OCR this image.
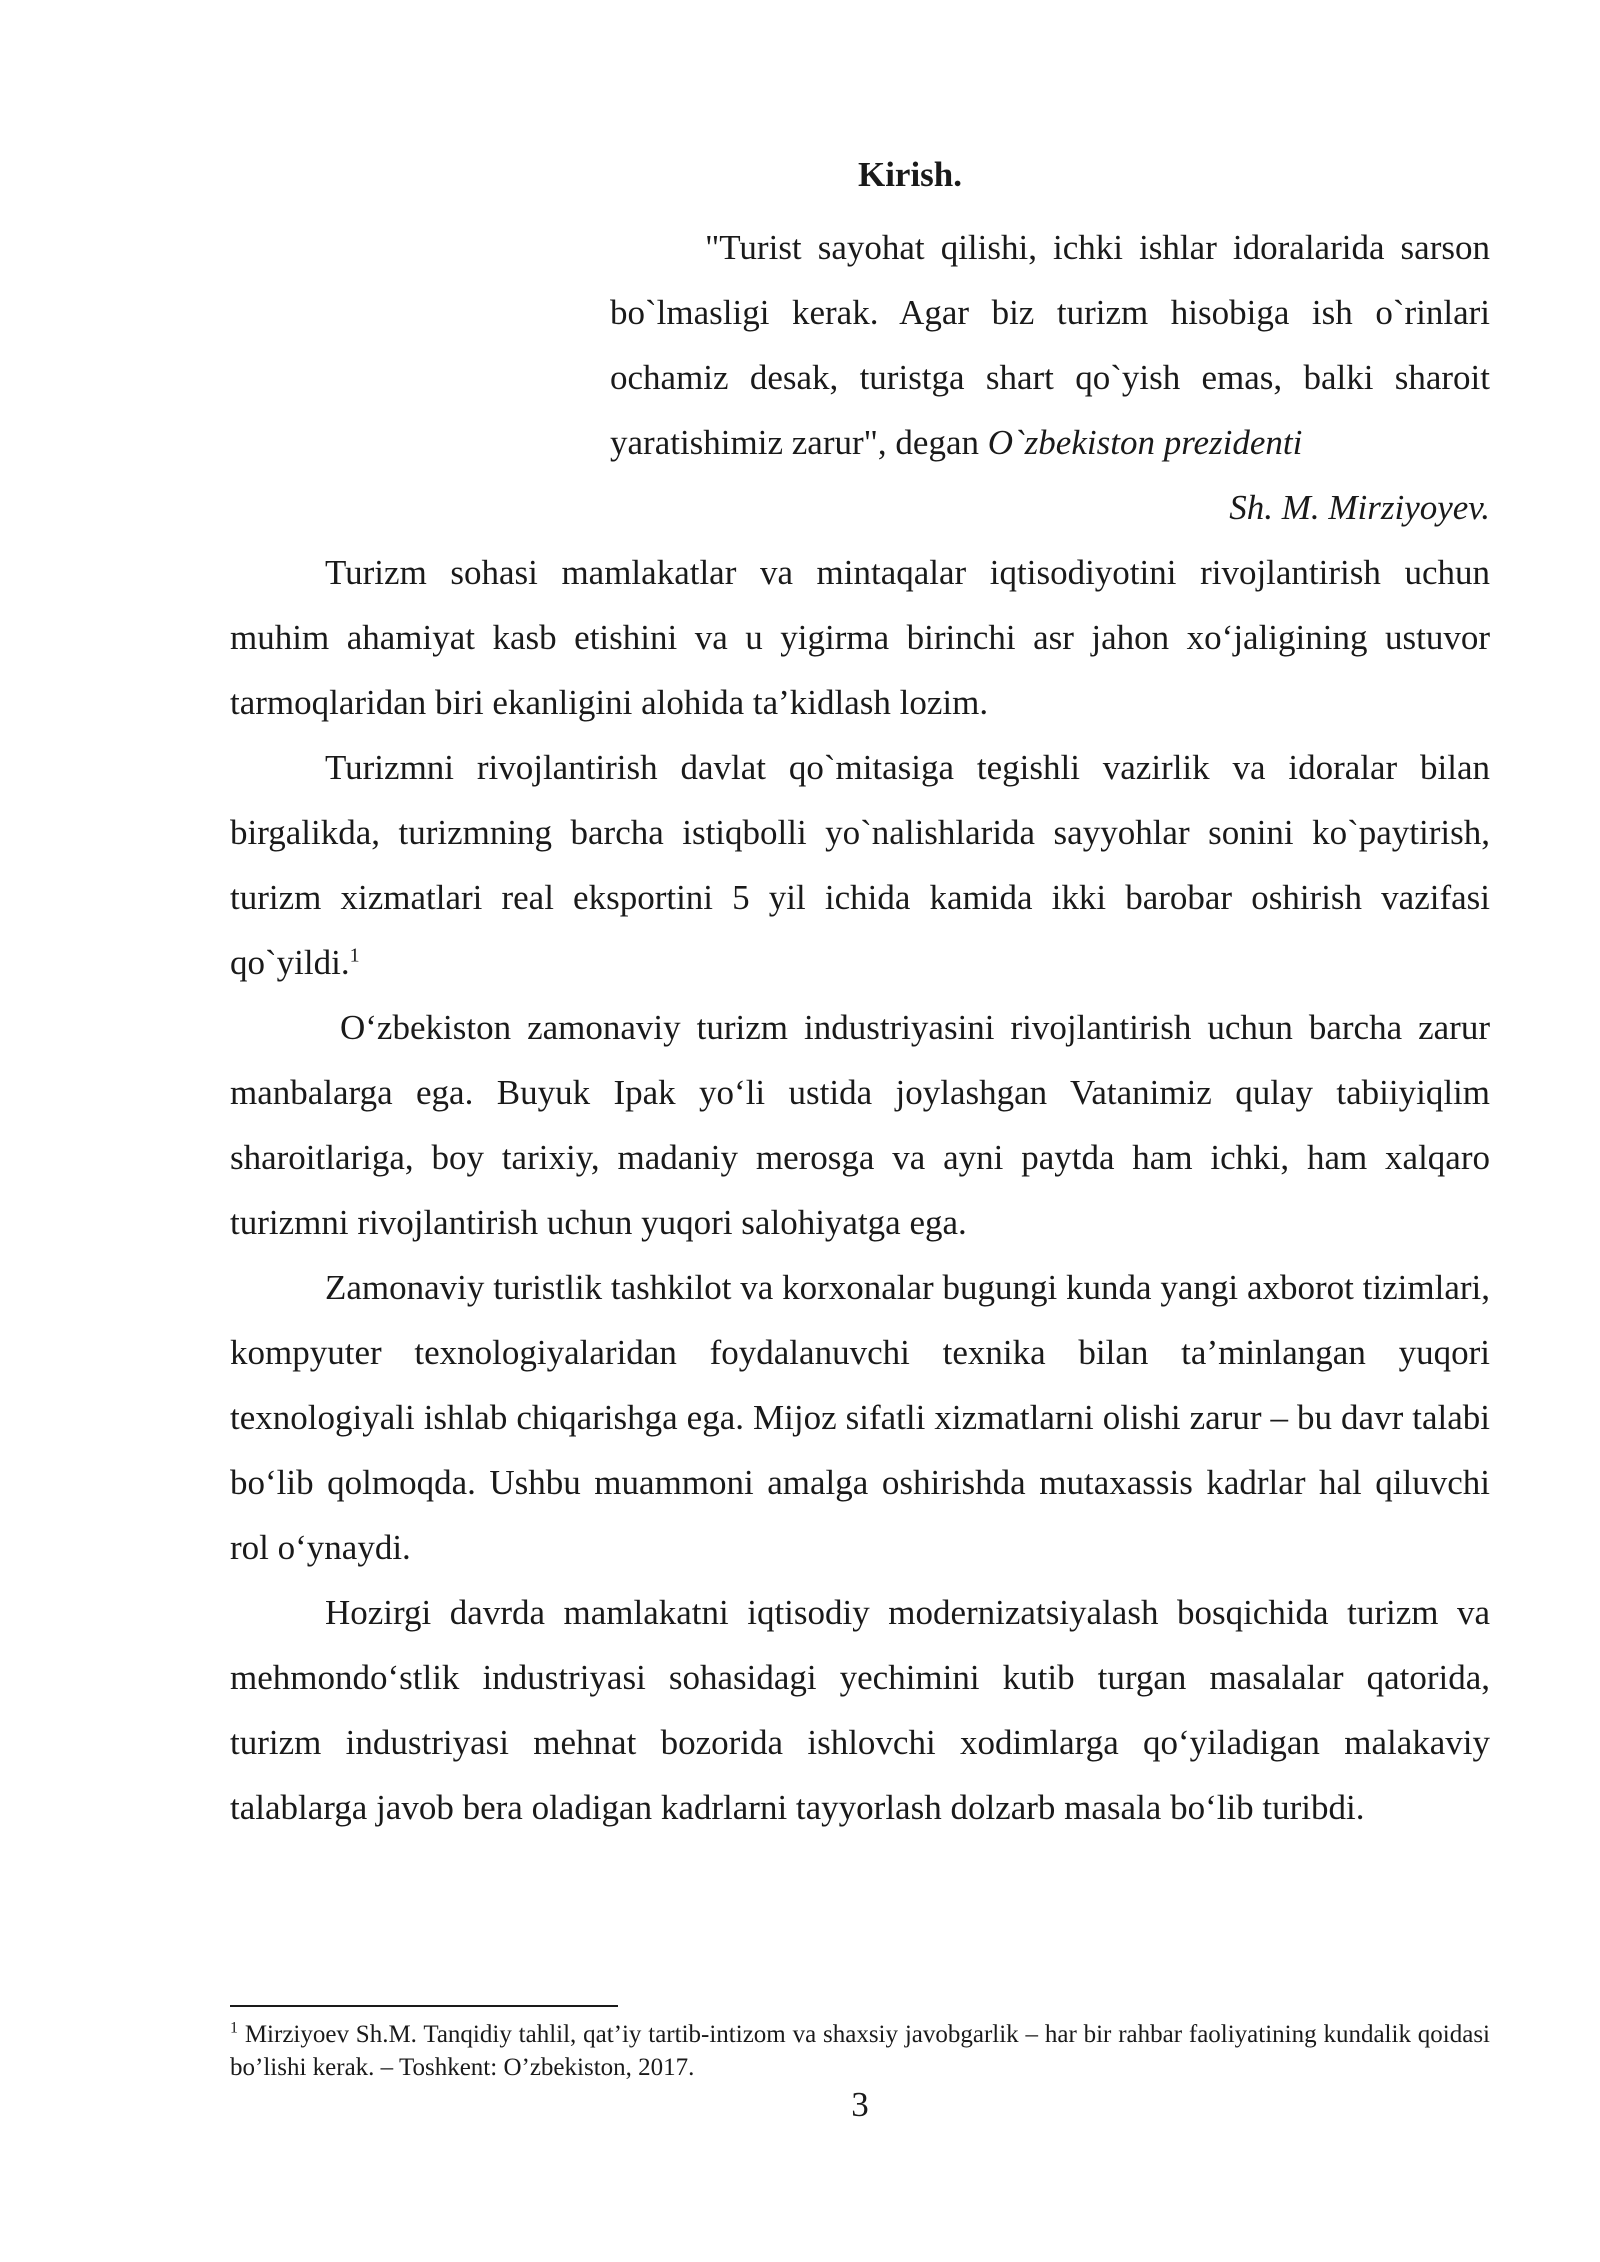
Kirish.
"Turist sayohat qilishi, ichki ishlar idoralarida sarson bo`lmasligi kerak. Agar biz turizm hisobiga ish o`rinlari ochamiz desak, turistga shart qo`yish emas, balki sharoit yaratishimiz zarur", degan O`zbekiston prezidenti
Sh. M. Mirziyoyev.

Turizm sohasi mamlakatlar va mintaqalar iqtisodiyotini rivojlantirish uchun muhim ahamiyat kasb etishini va u yigirma birinchi asr jahon xo‘jaligining ustuvor tarmoqlaridan biri ekanligini alohida ta’kidlash lozim.

Turizmni rivojlantirish davlat qo`mitasiga tegishli vazirlik va idoralar bilan birgalikda, turizmning barcha istiqbolli yo`nalishlarida sayyohlar sonini ko`paytirish, turizm xizmatlari real eksportini 5 yil ichida kamida ikki barobar oshirish vazifasi qo`yildi.$^1$

O‘zbekiston zamonaviy turizm industriyasini rivojlantirish uchun barcha zarur manbalarga ega. Buyuk Ipak yo‘li ustida joylashgan Vatanimiz qulay tabiiyiqlim sharoitlariga, boy tarixiy, madaniy merosga va ayni paytda ham ichki, ham xalqaro turizmni rivojlantirish uchun yuqori salohiyatga ega.

Zamonaviy turistlik tashkilot va korxonalar bugungi kunda yangi axborot tizimlari, kompyuter texnologiyalaridan foydalanuvchi texnika bilan ta’minlangan yuqori texnologiyali ishlab chiqarishga ega. Mijoz sifatli xizmatlarni olishi zarur – bu davr talabi bo‘lib qolmoqda. Ushbu muammoni amalga oshirishda mutaxassis kadrlar hal qiluvchi rol o‘ynaydi.

Hozirgi davrda mamlakatni iqtisodiy modernizatsiyalash bosqichida turizm va mehmondo‘stlik industriyasi sohasidagi yechimini kutib turgan masalalar qatorida, turizm industriyasi mehnat bozorida ishlovchi xodimlarga qo‘yiladigan malakaviy talablarga javob bera oladigan kadrlarni tayyorlash dolzarb masala bo‘lib turibdi.

$^1$ Mirziyoev Sh.M. Tanqidiy tahlil, qat’iy tartib-intizom va shaxsiy javobgarlik – har bir rahbar faoliyatining kundalik qoidasi bo’lishi kerak. – Toshkent: O’zbekiston, 2017.
3
